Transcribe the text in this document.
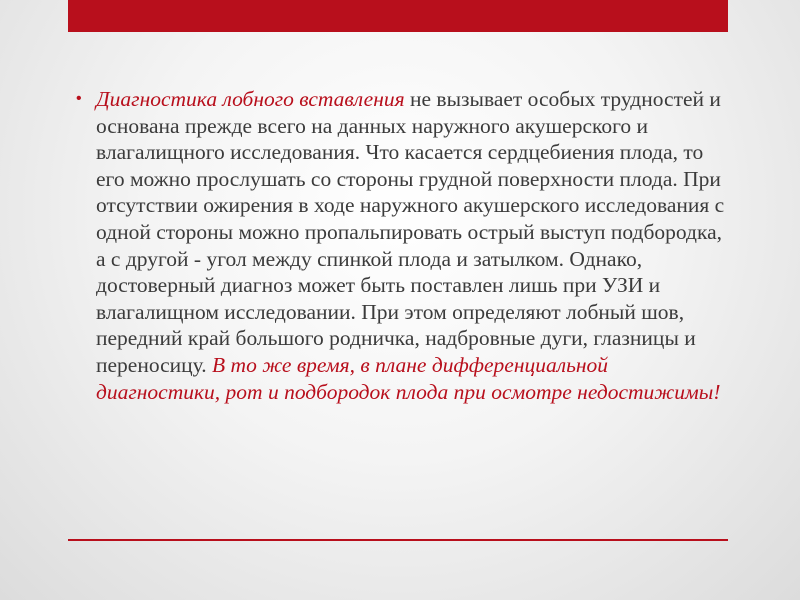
• Диагностика лобного вставления не вызывает особых трудностей и основана прежде всего на данных наружного акушерского и влагалищного исследования. Что касается сердцебиения плода, то его можно прослушать со стороны грудной поверхности плода. При отсутствии ожирения в ходе наружного акушерского исследования с одной стороны можно пропальпировать острый выступ подбородка, а с другой - угол между спинкой плода и затылком. Однако, достоверный диагноз может быть поставлен лишь при УЗИ и влагалищном исследовании. При этом определяют лобный шов, передний край большого родничка, надбровные дуги, глазницы и переносицу. В то же время, в плане дифференциальной диагностики, рот и подбородок плода при осмотре недостижимы!
